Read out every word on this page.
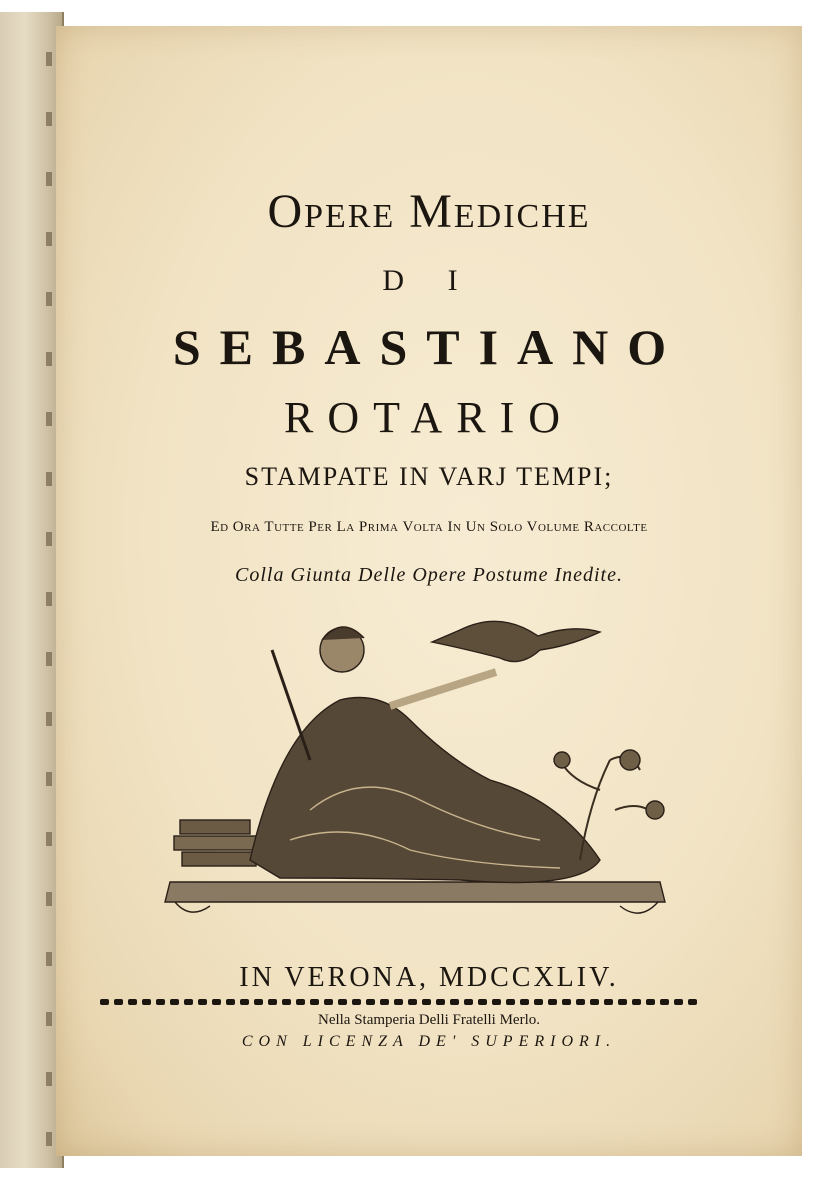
Opere Mediche
D I
SEBASTIANO
ROTARIO
STAMPATE IN VARJ TEMPI;
Ed Ora Tutte Per La Prima Volta In Un Solo Volume Raccolte
Colla Giunta Delle Opere Postume Inedite.
IN VERONA, MDCCXLIV.
Nella Stamperia Delli Fratelli Merlo.
CON LICENZA DE' SUPERIORI.
